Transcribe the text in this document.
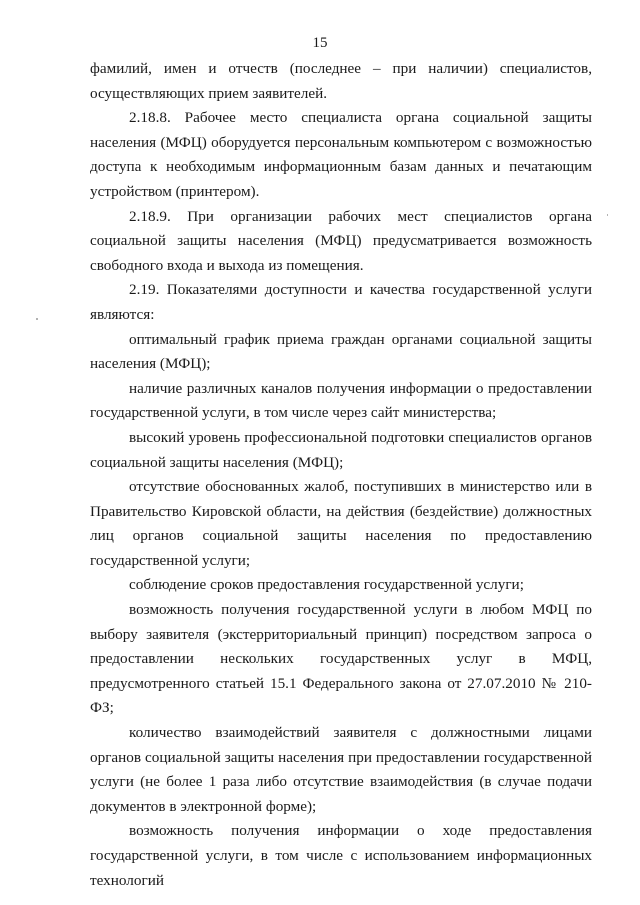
15

фамилий, имен и отчеств (последнее – при наличии) специалистов, осуществляющих прием заявителей.

2.18.8. Рабочее место специалиста органа социальной защиты населения (МФЦ) оборудуется персональным компьютером с возможностью доступа к необходимым информационным базам данных и печатающим устройством (принтером).

2.18.9. При организации рабочих мест специалистов органа социальной защиты населения (МФЦ) предусматривается возможность свободного входа и выхода из помещения.

2.19. Показателями доступности и качества государственной услуги являются:

оптимальный график приема граждан органами социальной защиты населения (МФЦ);

наличие различных каналов получения информации о предоставлении государственной услуги, в том числе через сайт министерства;

высокий уровень профессиональной подготовки специалистов органов социальной защиты населения (МФЦ);

отсутствие обоснованных жалоб, поступивших в министерство или в Правительство Кировской области, на действия (бездействие) должностных лиц органов социальной защиты населения по предоставлению государственной услуги;

соблюдение сроков предоставления государственной услуги;

возможность получения государственной услуги в любом МФЦ по выбору заявителя (экстерриториальный принцип) посредством запроса о предоставлении нескольких государственных услуг в МФЦ, предусмотренного статьей 15.1 Федерального закона от 27.07.2010 № 210-ФЗ;

количество взаимодействий заявителя с должностными лицами органов социальной защиты населения при предоставлении государственной услуги (не более 1 раза либо отсутствие взаимодействия (в случае подачи документов в электронной форме);

возможность получения информации о ходе предоставления государственной услуги, в том числе с использованием информационных технологий
